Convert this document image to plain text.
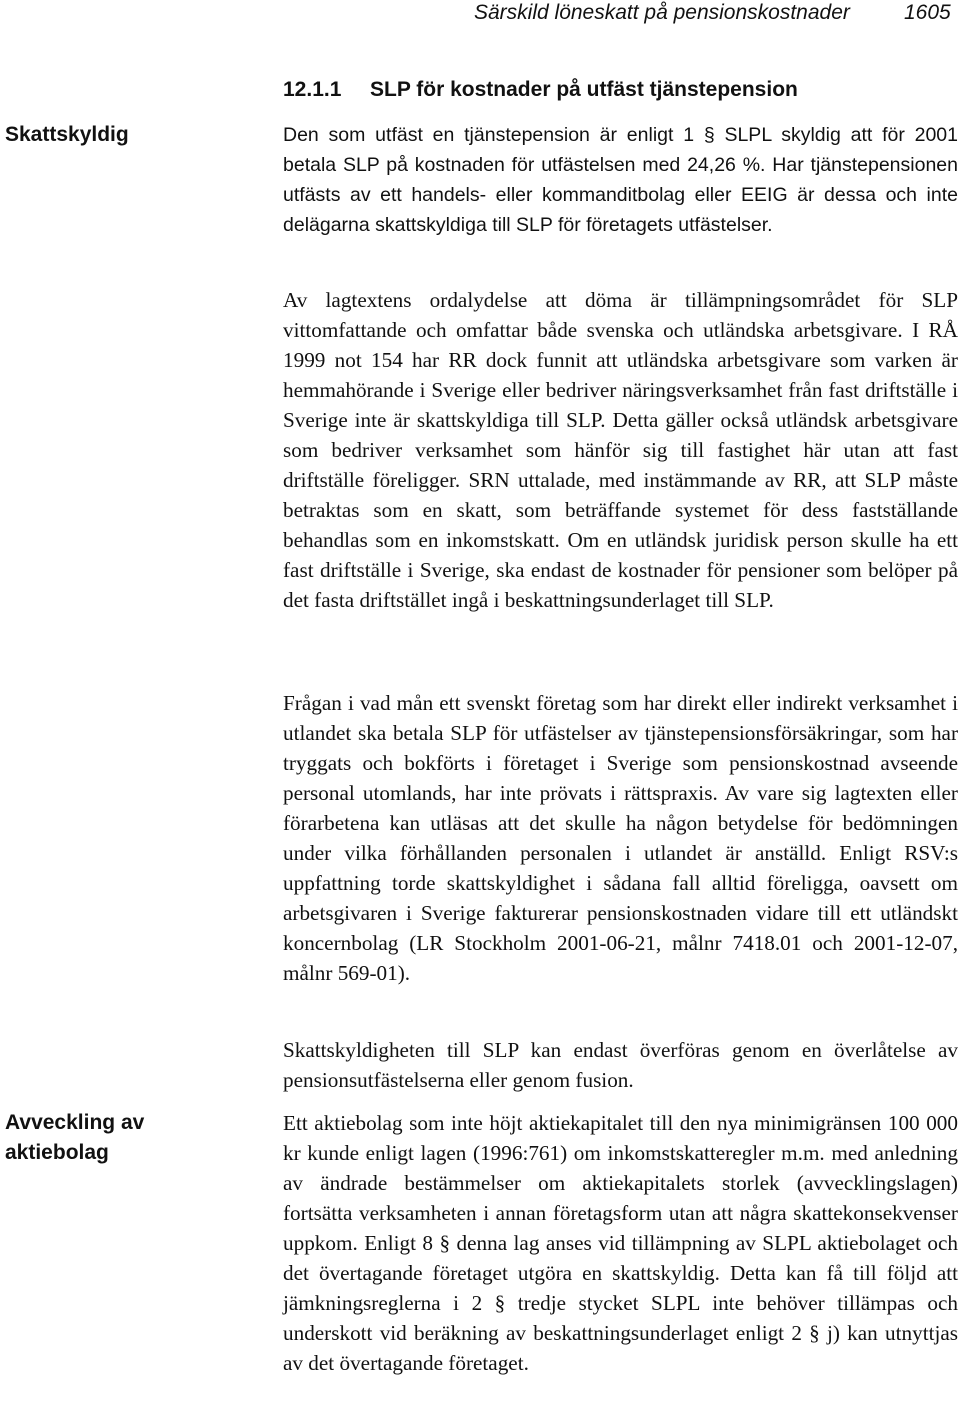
Särskild löneskatt på pensionskostnader	1605
12.1.1 SLP för kostnader på utfäst tjänstepension
Skattskyldig	Den som utfäst en tjänstepension är enligt 1 § SLPL skyldig att för 2001 betala SLP på kostnaden för utfästelsen med 24,26 %. Har tjänstepensionen utfästs av ett handels- eller kommanditbolag eller EEIG är dessa och inte delägarna skattskyldiga till SLP för företagets utfästelser.

Av lagtextens ordalydelse att döma är tillämpningsområdet för SLP vittomfattande och omfattar både svenska och utländska arbetsgivare. I RÅ 1999 not 154 har RR dock funnit att utländska arbetsgivare som varken är hemmahörande i Sverige eller bedriver näringsverksamhet från fast driftställe i Sverige inte är skattskyldiga till SLP. Detta gäller också utländsk arbetsgivare som bedriver verksamhet som hänför sig till fastighet här utan att fast driftställe föreligger. SRN uttalade, med instämmande av RR, att SLP måste betraktas som en skatt, som beträffande systemet för dess fastställande behandlas som en inkomstskatt. Om en utländsk juridisk person skulle ha ett fast driftställe i Sverige, ska endast de kostnader för pensioner som belöper på det fasta driftstället ingå i beskattningsunderlaget till SLP.

Frågan i vad mån ett svenskt företag som har direkt eller indirekt verksamhet i utlandet ska betala SLP för utfästelser av tjänstepensionsförsäkringar, som har tryggats och bokförts i företaget i Sverige som pensionskostnad avseende personal utomlands, har inte prövats i rättspraxis. Av vare sig lagtexten eller förarbetena kan utläsas att det skulle ha någon betydelse för bedömningen under vilka förhållanden personalen i utlandet är anställd. Enligt RSV:s uppfattning torde skattskyldighet i sådana fall alltid föreligga, oavsett om arbetsgivaren i Sverige fakturerar pensionskostnaden vidare till ett utländskt koncernbolag (LR Stockholm 2001-06-21, målnr 7418.01 och 2001-12-07, målnr 569-01).

Skattskyldigheten till SLP kan endast överföras genom en överlåtelse av pensionsutfästelserna eller genom fusion.

Avveckling av aktiebolag

Ett aktiebolag som inte höjt aktiekapitalet till den nya minimigränsen 100 000 kr kunde enligt lagen (1996:761) om inkomstskatteregler m.m. med anledning av ändrade bestämmelser om aktiekapitalets storlek (avvecklingslagen) fortsätta verksamheten i annan företagsform utan att några skattekonsekvenser uppkom. Enligt 8 § denna lag anses vid tillämpning av SLPL aktiebolaget och det övertagande företaget utgöra en skattskyldig. Detta kan få till följd att jämkningsreglerna i 2 § tredje stycket SLPL inte behöver tillämpas och underskott vid beräkning av beskattningsunderlaget enligt 2 § j) kan utnyttjas av det övertagande företaget.
